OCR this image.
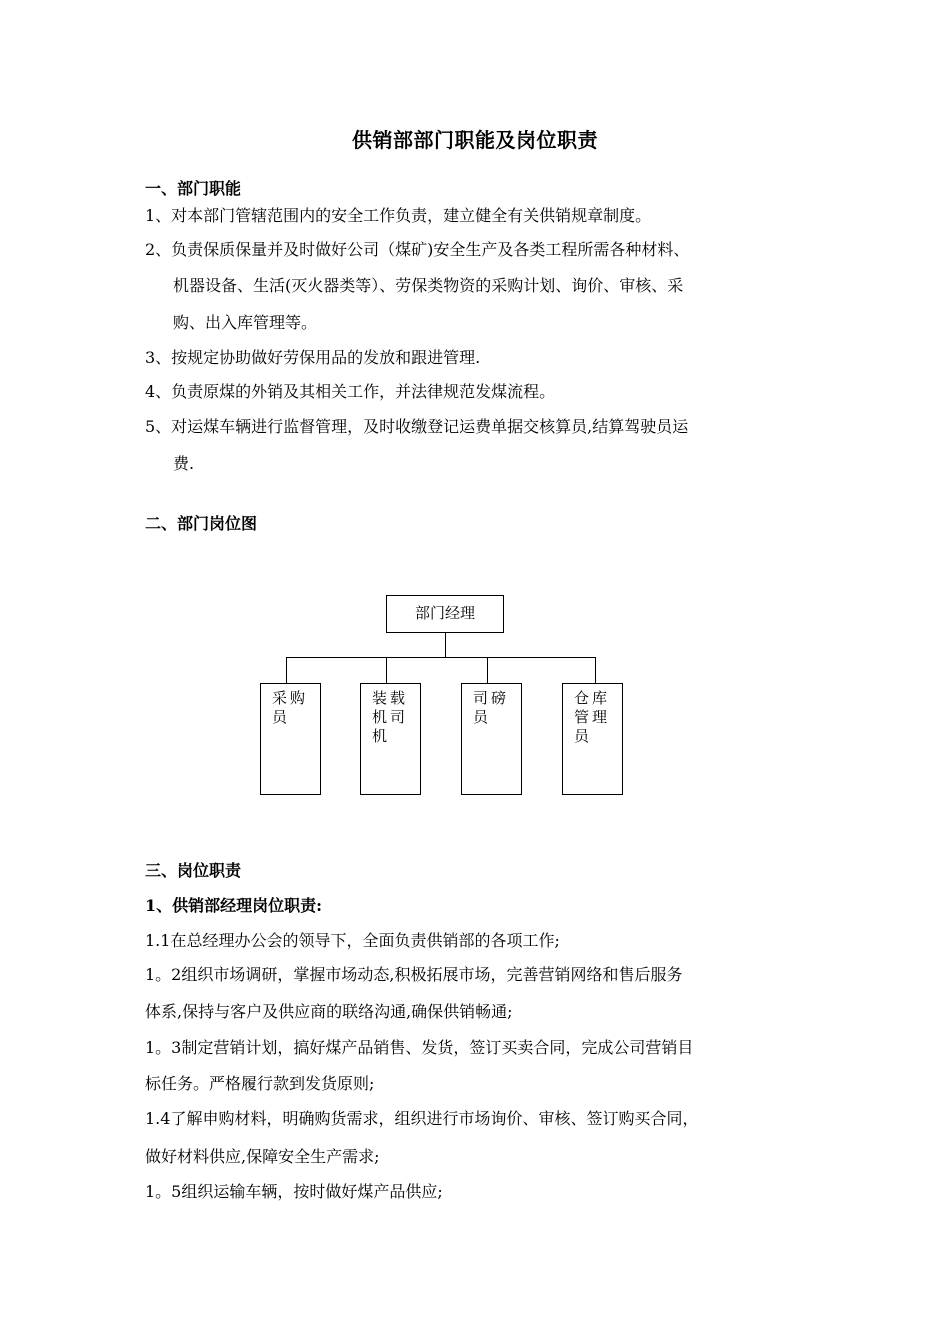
供销部部门职能及岗位职责
一、部门职能
1、对本部门管辖范围内的安全工作负责，建立健全有关供销规章制度。
2、负责保质保量并及时做好公司（煤矿)安全生产及各类工程所需各种材料、
机器设备、生活(灭火器类等）、劳保类物资的采购计划、询价、审核、采
购、出入库管理等。
3、按规定协助做好劳保用品的发放和跟进管理.
4、负责原煤的外销及其相关工作，并法律规范发煤流程。
5、对运煤车辆进行监督管理，及时收缴登记运费单据交核算员,结算驾驶员运
费.
二、部门岗位图
部门经理
采购员
装载机司机
司磅员
仓库管理员
三、岗位职责
1、供销部经理岗位职责:
1.1在总经理办公会的领导下，全面负责供销部的各项工作;
1。2组织市场调研，掌握市场动态,积极拓展市场，完善营销网络和售后服务
体系,保持与客户及供应商的联络沟通,确保供销畅通;
1。3制定营销计划，搞好煤产品销售、发货，签订买卖合同，完成公司营销目
标任务。严格履行款到发货原则;
1.4了解申购材料，明确购货需求，组织进行市场询价、审核、签订购买合同，
做好材料供应,保障安全生产需求;
1。5组织运输车辆，按时做好煤产品供应;
